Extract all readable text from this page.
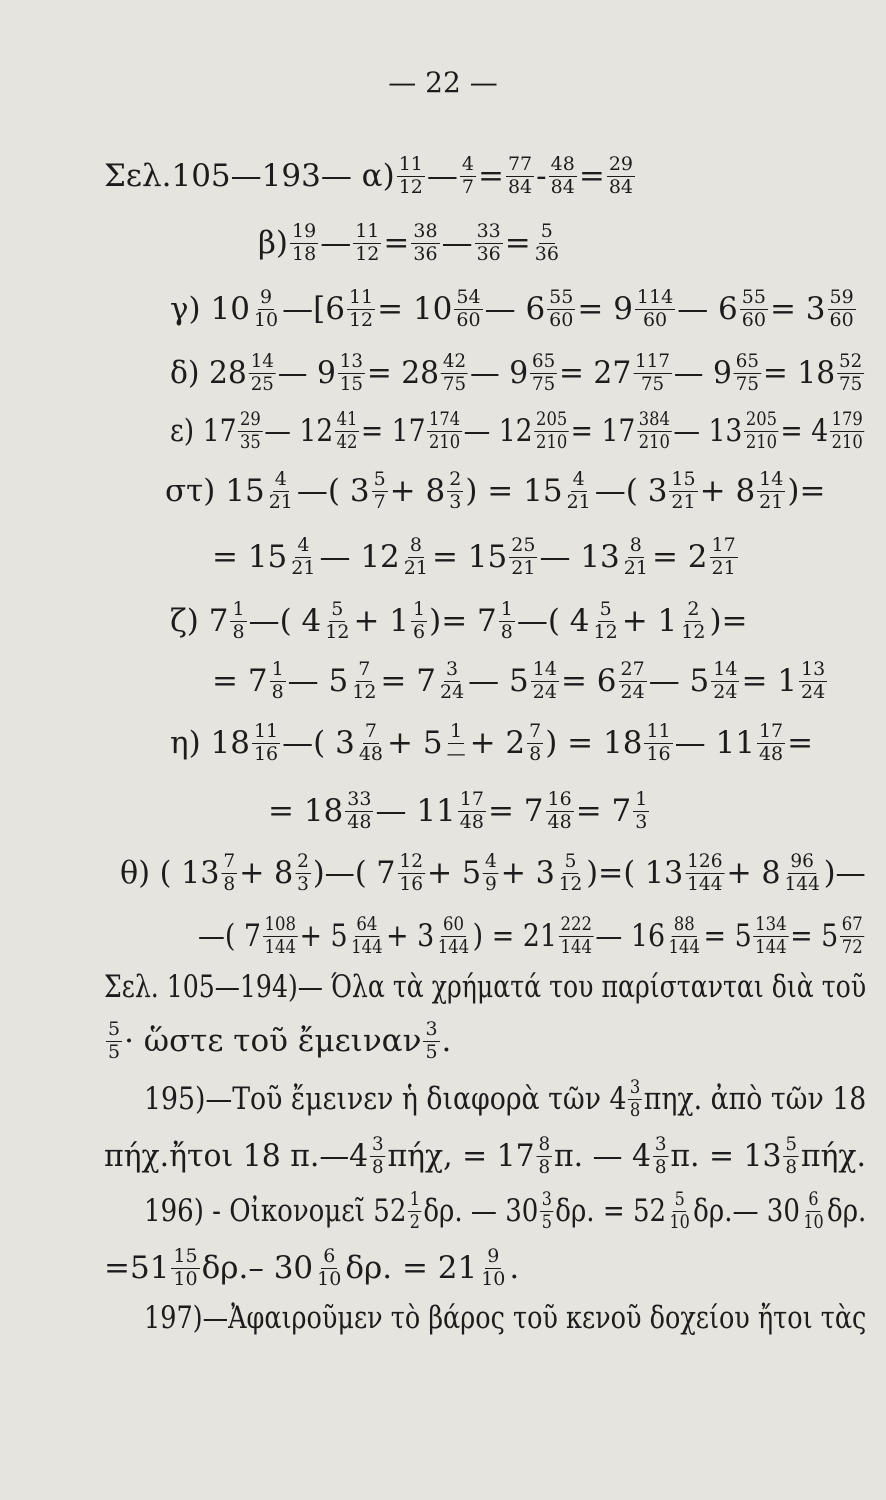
— 22 —
Σελ.105—193— $\alpha) \frac{11}{12}$ — $\frac{4}{7} = \frac{77}{84} - \frac{48}{84} = \frac{29}{84}$
$\beta) \frac{19}{18}$ — $\frac{11}{12} = \frac{38}{36}$ — $\frac{33}{36} = \frac{5}{36}$
γ) $10 \frac{9}{10}$ —[6 $\frac{11}{12} = 10 \frac{54}{60}$ — $6 \frac{55}{60} = 9 \frac{114}{60}$ — $6 \frac{55}{60} = 3 \frac{59}{60}$
δ) $28 \frac{14}{25}$ — $9 \frac{13}{15} = 28 \frac{42}{75}$ — $9 \frac{65}{75} = 27 \frac{117}{75}$ — $9 \frac{65}{75} = 18 \frac{52}{75}$
ε) $17 \frac{29}{35}$ — $12 \frac{41}{42} = 17 \frac{174}{210}$ — $12 \frac{205}{210} = 17 \frac{384}{210}$ — $13 \frac{205}{210} = 4 \frac{179}{210}$
στ) $15 \frac{4}{21}$ —( $3 \frac{5}{7} + 8 \frac{2}{3}$ ) = $15 \frac{4}{21}$ —( $3 \frac{15}{21} + 8 \frac{14}{21}$ )=
= $15 \frac{4}{21}$ — $12 \frac{8}{21} = 15 \frac{25}{21}$ — $13 \frac{8}{21} = 2 \frac{17}{21}$
ζ) $7 \frac{1}{8}$ —( $4 \frac{5}{12} + 1 \frac{1}{6}$ )= $7 \frac{1}{8}$ —( $4 \frac{5}{12} + 1 \frac{2}{12}$ )=
= $7 \frac{1}{8}$ — $5 \frac{7}{12} = 7 \frac{3}{24}$ — $5 \frac{14}{24} = 6 \frac{27}{24}$ — $5 \frac{14}{24} = 1 \frac{13}{24}$
η) $18 \frac{11}{16}$ —( $3 \frac{7}{48} + 5 \frac{1}{—} + 2 \frac{7}{8}$ ) = $18 \frac{11}{16}$ — $11 \frac{17}{48}$ =
= $18 \frac{33}{48}$ — $11 \frac{17}{48} = 7 \frac{16}{48} = 7 \frac{1}{3}$
θ) ( $13 \frac{7}{8} + 8 \frac{2}{3}$ )—( $7 \frac{12}{16} + 5 \frac{4}{9} + 3 \frac{5}{12}$ )=( $13 \frac{126}{144} + 8 \frac{96}{144}$ )—
—( $7 \frac{108}{144} + 5 \frac{64}{144} + 3 \frac{60}{144}$ ) = $21 \frac{222}{144}$ — $16 \frac{88}{144} = 5 \frac{134}{144} = 5 \frac{67}{72}$
Σελ. 105—194)— Όλα τὰ χρήματά του παρίστανται διὰ τοῦ
$\frac{5}{5}$ · ὥστε τοῦ ἔμειναν $\frac{3}{5}$ .
195)—Τοῦ ἔμεινεν ἡ διαφορὰ τῶν $4 \frac{3}{8} \pi\eta\chi$. ἀπὸ τῶν 18
πήχ.ἤτοι 18 π.—4 $\frac{3}{8} \pi ή\chi$, = $17 \frac{8}{8} \pi$. — $4 \frac{3}{8} \pi$. = $13 \frac{5}{8} \pi ή\chi$.
196) - Οἰκονομεῖ $52 \frac{1}{2} \delta\rho$. — $30 \frac{3}{5} \delta\rho$. = $52 \frac{5}{10}$ δρ.— $30 \frac{6}{10} \delta\rho$.
$=51 \frac{15}{10} \delta\rho.-$ $30 \frac{6}{10} \delta\rho$. = $21 \frac{9}{10}$ .
197)—Ἀφαιροῦμεν τὸ βάρος τοῦ κενοῦ δοχείου ἤτοι τὰς
